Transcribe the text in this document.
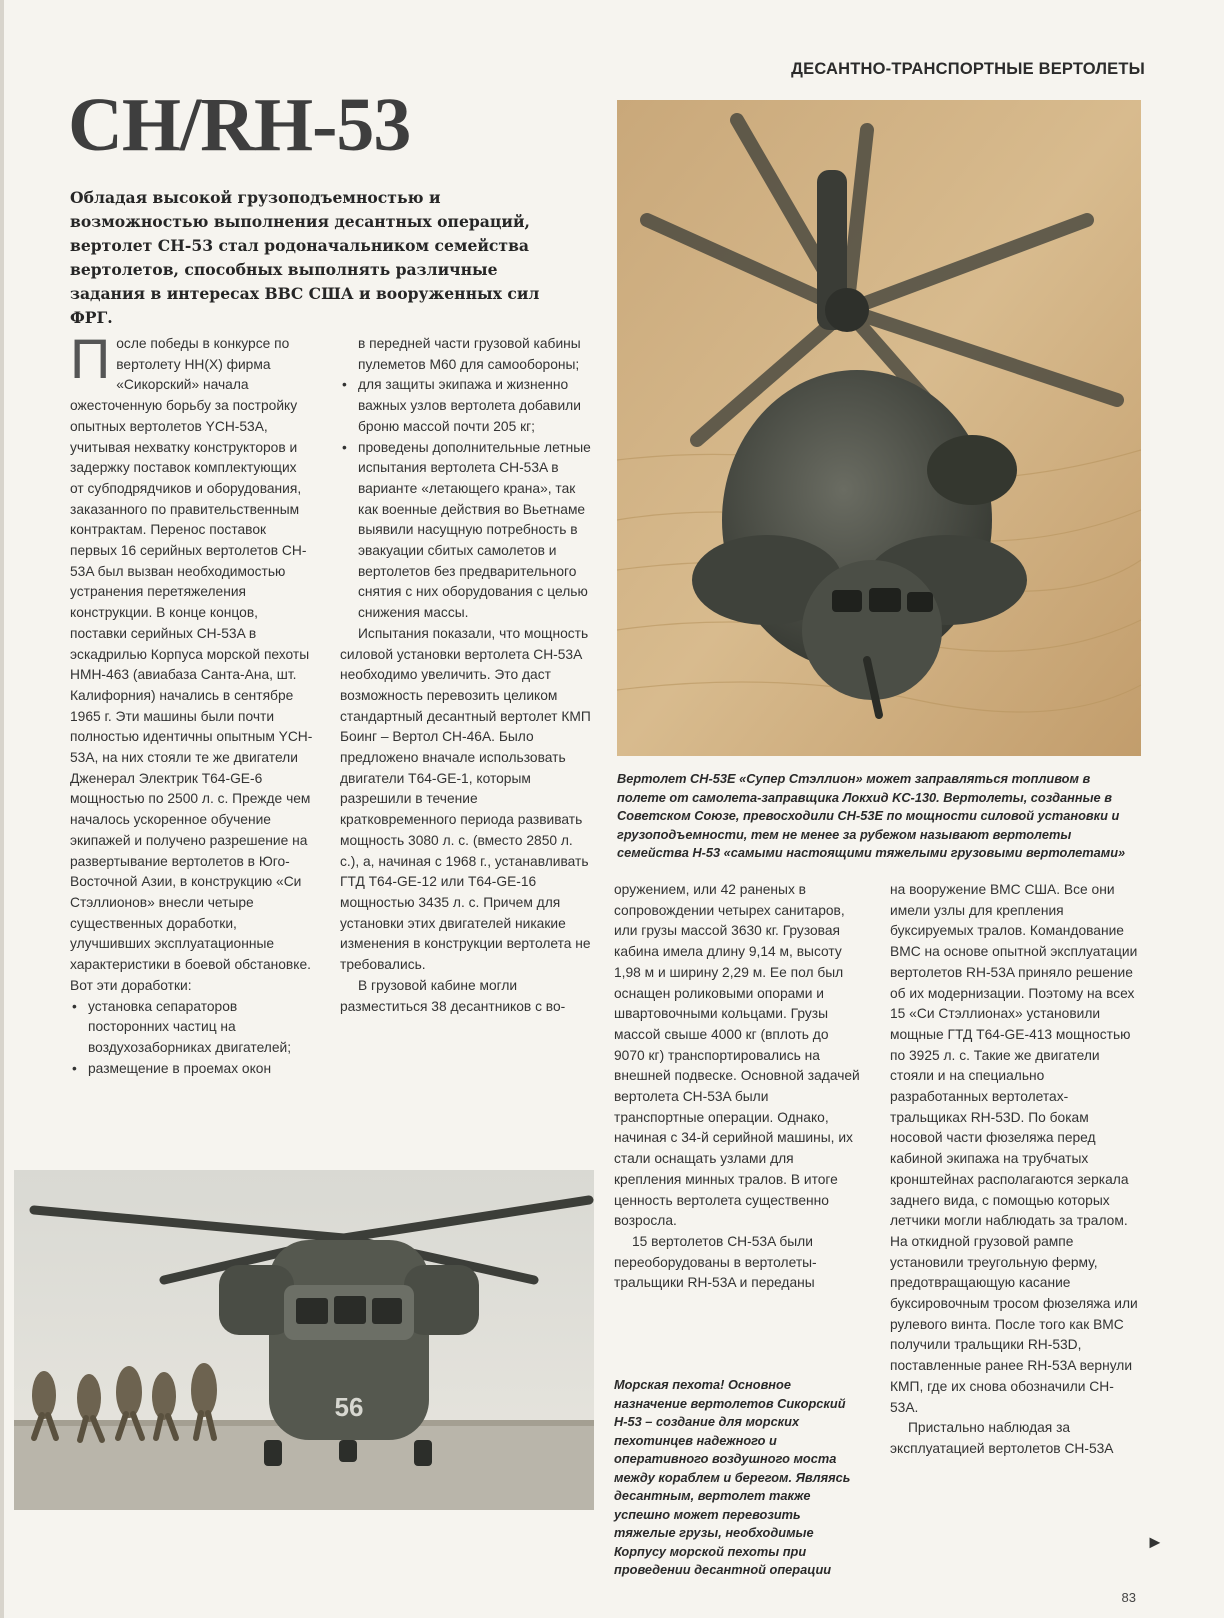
ДЕСАНТНО-ТРАНСПОРТНЫЕ ВЕРТОЛЕТЫ
CH/RH-53
Обладая высокой грузоподъемностью и возможностью выполнения десантных операций, вертолет CH-53 стал родоначальником семейства вертолетов, способных выполнять различные задания в интересах ВВС США и вооруженных сил ФРГ.
Вертолет CH-53E «Супер Стэллион» может заправляться топливом в полете от самолета-заправщика Локхид KC-130. Вертолеты, созданные в Советском Союзе, превосходили CH-53E по мощности силовой установки и грузоподъемности, тем не менее за рубежом называют вертолеты семейства H-53 «самыми настоящими тяжелыми грузовыми вертолетами»

После победы в конкурсе по вертолету HH(X) фирма «Сикорский» начала ожесточенную борьбу за постройку опытных вертолетов YCH-53A, учитывая нехватку конструкторов и задержку поставок комплектующих от субподрядчиков и оборудования, заказанного по правительственным контрактам. Перенос поставок первых 16 серийных вертолетов CH-53A был вызван необходимостью устранения перетяжеления конструкции. В конце концов, поставки серийных CH-53A в эскадрилью Корпуса морской пехоты HMH-463 (авиабаза Санта-Ана, шт. Калифорния) начались в сентябре 1965 г. Эти машины были почти полностью идентичны опытным YCH-53A, на них стояли те же двигатели Дженерал Электрик T64-GE-6 мощностью по 2500 л. с. Прежде чем началось ускоренное обучение экипажей и получено разрешение на развертывание вертолетов в Юго-Восточной Азии, в конструкцию «Си Стэллионов» внесли четыре существенных доработки, улучшивших эксплуатационные характеристики в боевой обстановке. Вот эти доработки:

• установка сепараторов посторонних частиц на воздухозаборниках двигателей;
• размещение в проемах окон

в передней части грузовой кабины пулеметов M60 для самообороны;

• для защиты экипажа и жизненно важных узлов вертолета добавили броню массой почти 205 кг;
• проведены дополнительные летные испытания вертолета CH-53A в варианте «летающего крана», так как военные действия во Вьетнаме выявили насущную потребность в эвакуации сбитых самолетов и вертолетов без предварительного снятия с них оборудования с целью снижения массы.

Испытания показали, что мощность силовой установки вертолета CH-53A необходимо увеличить. Это даст возможность перевозить целиком стандартный десантный вертолет КМП Боинг – Вертол CH-46A. Было предложено вначале использовать двигатели T64-GE-1, которым разрешили в течение кратковременного периода развивать мощность 3080 л. с. (вместо 2850 л. с.), а, начиная с 1968 г., устанавливать ГТД T64-GE-12 или T64-GE-16 мощностью 3435 л. с. Причем для установки этих двигателей никакие изменения в конструкции вертолета не требовались.

В грузовой кабине могли разместиться 38 десантников с во-

56

оружением, или 42 раненых в сопровождении четырех санитаров, или грузы массой 3630 кг. Грузовая кабина имела длину 9,14 м, высоту 1,98 м и ширину 2,29 м. Ее пол был оснащен роликовыми опорами и швартовочными кольцами. Грузы массой свыше 4000 кг (вплоть до 9070 кг) транспортировались на внешней подвеске. Основной задачей вертолета CH-53A были транспортные операции. Однако, начиная с 34-й серийной машины, их стали оснащать узлами для крепления минных тралов. В итоге ценность вертолета существенно возросла.

15 вертолетов CH-53A были переоборудованы в вертолеты-тральщики RH-53A и переданы

Морская пехота! Основное назначение вертолетов Сикорский H-53 – создание для морских пехотинцев надежного и оперативного воздушного моста между кораблем и берегом. Являясь десантным, вертолет также успешно может перевозить тяжелые грузы, необходимые Корпусу морской пехоты при проведении десантной операции

на вооружение ВМС США. Все они имели узлы для крепления буксируемых тралов. Командование ВМС на основе опытной эксплуатации вертолетов RH-53A приняло решение об их модернизации. Поэтому на всех 15 «Си Стэллионах» установили мощные ГТД T64-GE-413 мощностью по 3925 л. с. Такие же двигатели стояли и на специально разработанных вертолетах-тральщиках RH-53D. По бокам носовой части фюзеляжа перед кабиной экипажа на трубчатых кронштейнах располагаются зеркала заднего вида, с помощью которых летчики могли наблюдать за тралом. На откидной грузовой рампе установили треугольную ферму, предотвращающую касание буксировочным тросом фюзеляжа или рулевого винта. После того как ВМС получили тральщики RH-53D, поставленные ранее RH-53A вернули КМП, где их снова обозначили CH-53A.

Пристально наблюдая за эксплуатацией вертолетов CH-53A

►
83
